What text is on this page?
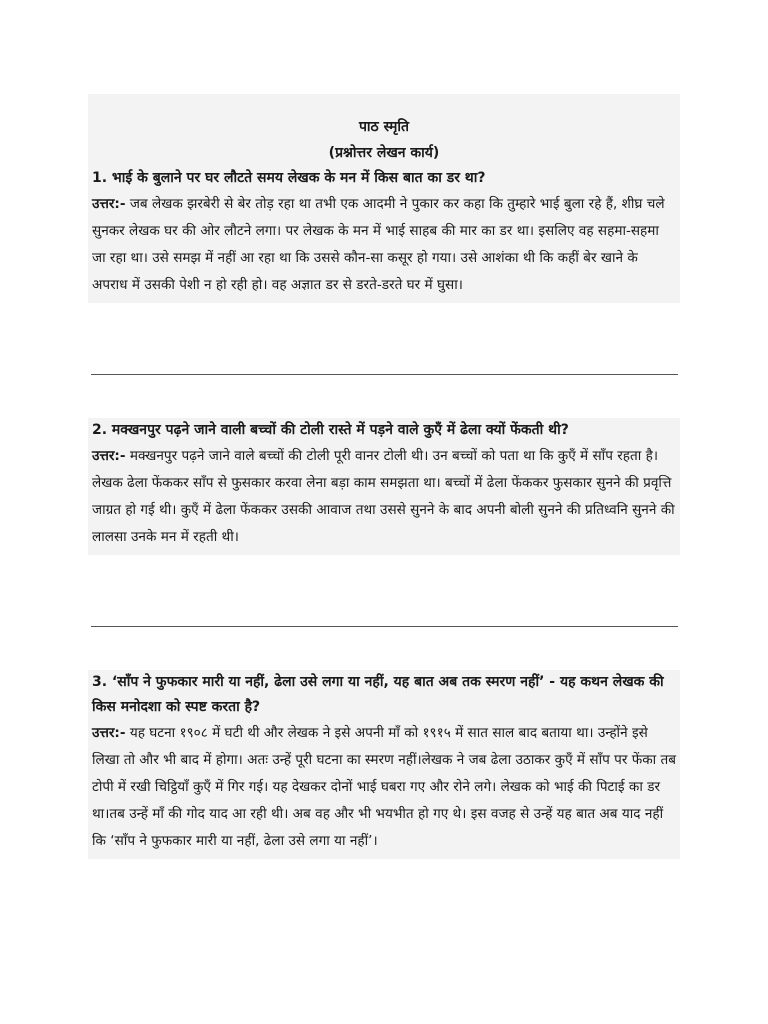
पाठ स्मृति
(प्रश्नोत्तर लेखन कार्य)
1. भाई के बुलाने पर घर लौटते समय लेखक के मन में किस बात का डर था?
उत्तर:- जब लेखक झरबेरी से बेर तोड़ रहा था तभी एक आदमी ने पुकार कर कहा कि तुम्हारे भाई बुला रहे हैं, शीघ्र चले सुनकर लेखक घर की ओर लौटने लगा। पर लेखक के मन में भाई साहब की मार का डर था। इसलिए वह सहमा-सहमा जा रहा था। उसे समझ में नहीं आ रहा था कि उससे कौन-सा कसूर हो गया। उसे आशंका थी कि कहीं बेर खाने के अपराध में उसकी पेशी न हो रही हो। वह अज्ञात डर से डरते-डरते घर में घुसा।
2. मक्खनपुर पढ़ने जाने वाली बच्चों की टोली रास्ते में पड़ने वाले कुएँ में ढेला क्यों फेंकती थी?
उत्तर:- मक्खनपुर पढ़ने जाने वाले बच्चों की टोली पूरी वानर टोली थी। उन बच्चों को पता था कि कुएँ में साँप रहता है। लेखक ढेला फेंककर साँप से फुसकार करवा लेना बड़ा काम समझता था। बच्चों में ढेला फेंककर फुसकार सुनने की प्रवृत्ति जाग्रत हो गई थी। कुएँ में ढेला फेंककर उसकी आवाज तथा उससे सुनने के बाद अपनी बोली सुनने की प्रतिध्वनि सुनने की लालसा उनके मन में रहती थी।
3. ‘साँप ने फुफकार मारी या नहीं, ढेला उसे लगा या नहीं, यह बात अब तक स्मरण नहीं’ - यह कथन लेखक की किस मनोदशा को स्पष्ट करता है?
उत्तर:- यह घटना १९०८ में घटी थी और लेखक ने इसे अपनी माँ को १९१५ में सात साल बाद बताया था। उन्होंने इसे लिखा तो और भी बाद में होगा। अतः उन्हें पूरी घटना का स्मरण नहीं।लेखक ने जब ढेला उठाकर कुएँ में साँप पर फेंका तब टोपी में रखी चिट्ठियाँ कुएँ में गिर गई। यह देखकर दोनों भाई घबरा गए और रोने लगे। लेखक को भाई की पिटाई का डर था।तब उन्हें माँ की गोद याद आ रही थी। अब वह और भी भयभीत हो गए थे। इस वजह से उन्हें यह बात अब याद नहीं कि ‘साँप ने फुफकार मारी या नहीं, ढेला उसे लगा या नहीं’।
